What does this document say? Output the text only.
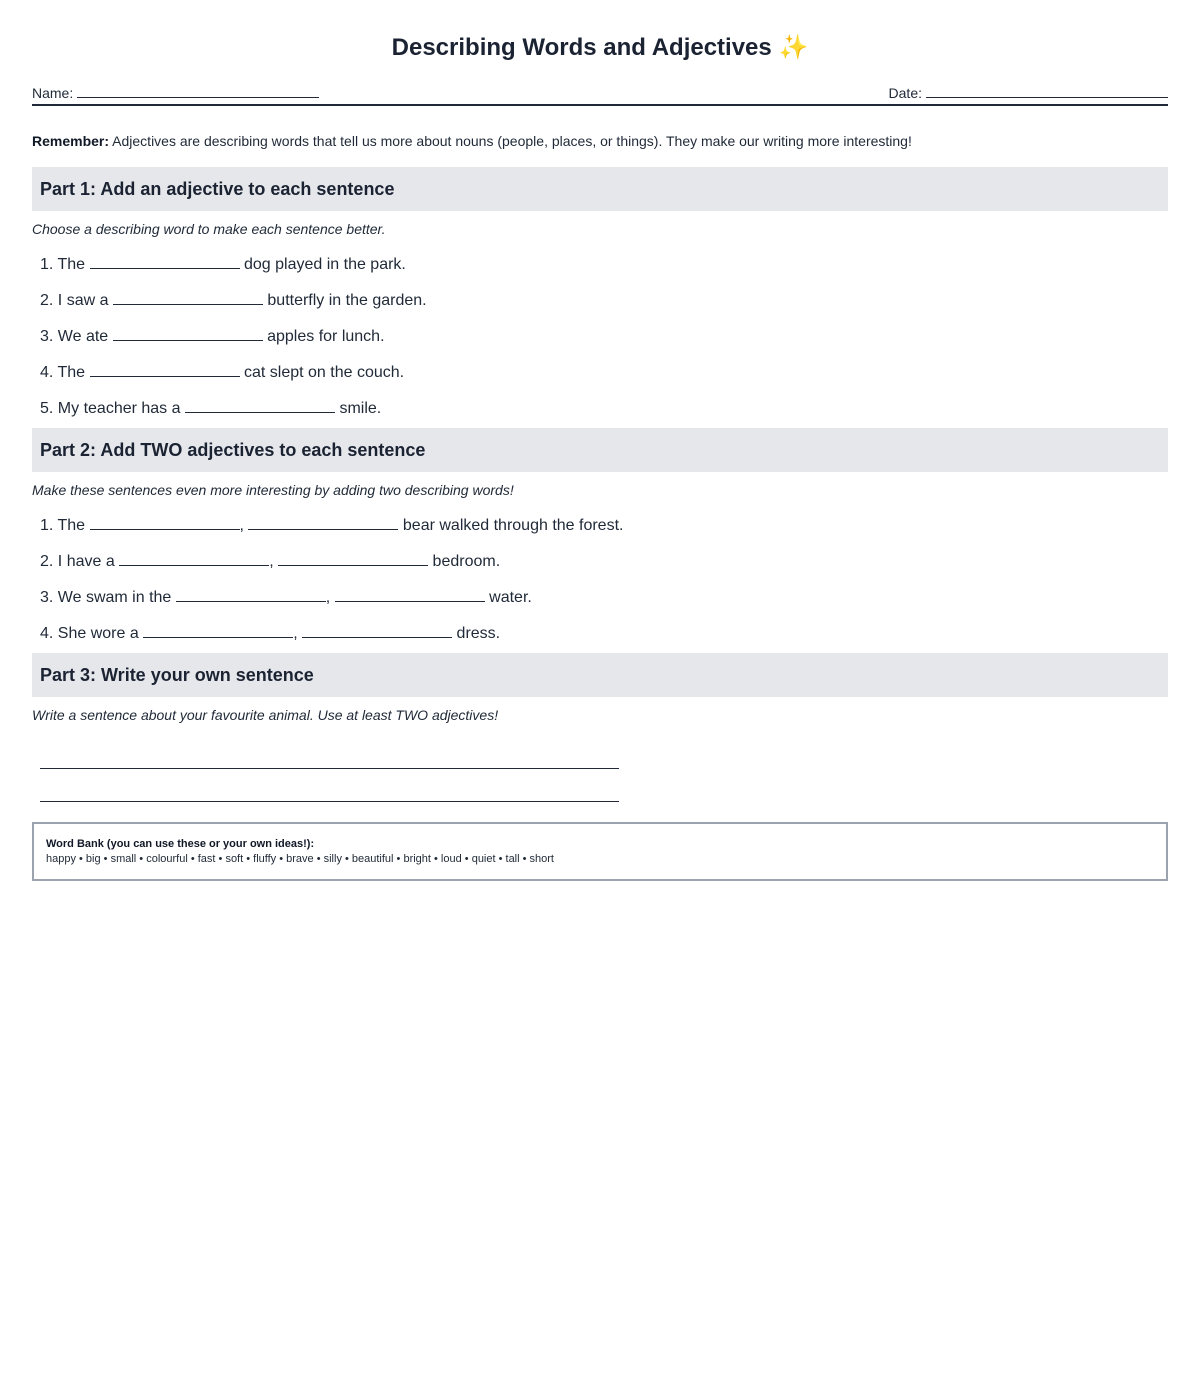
Describing Words and Adjectives ✨
Name:	Date:

Remember: Adjectives are describing words that tell us more about nouns (people, places, or things). They make our writing more interesting!

Part 1: Add an adjective to each sentence

Choose a describing word to make each sentence better.

1. The	dog played in the park.
2. I saw a	butterfly in the garden.
3. We ate	apples for lunch.
4. The	cat slept on the couch.
5. My teacher has a	smile.
Part 2: Add TWO adjectives to each sentence

Make these sentences even more interesting by adding two describing words!

1. The	,	bear walked through the forest.
2. I have a	,	bedroom.
3. We swam in the	,	water.
4. She wore a	,	dress.
Part 3: Write your own sentence

Write a sentence about your favourite animal. Use at least TWO adjectives!

Word Bank (you can use these or your own ideas!):
happy • big • small • colourful • fast • soft • fluffy • brave • silly • beautiful • bright • loud • quiet • tall • short
